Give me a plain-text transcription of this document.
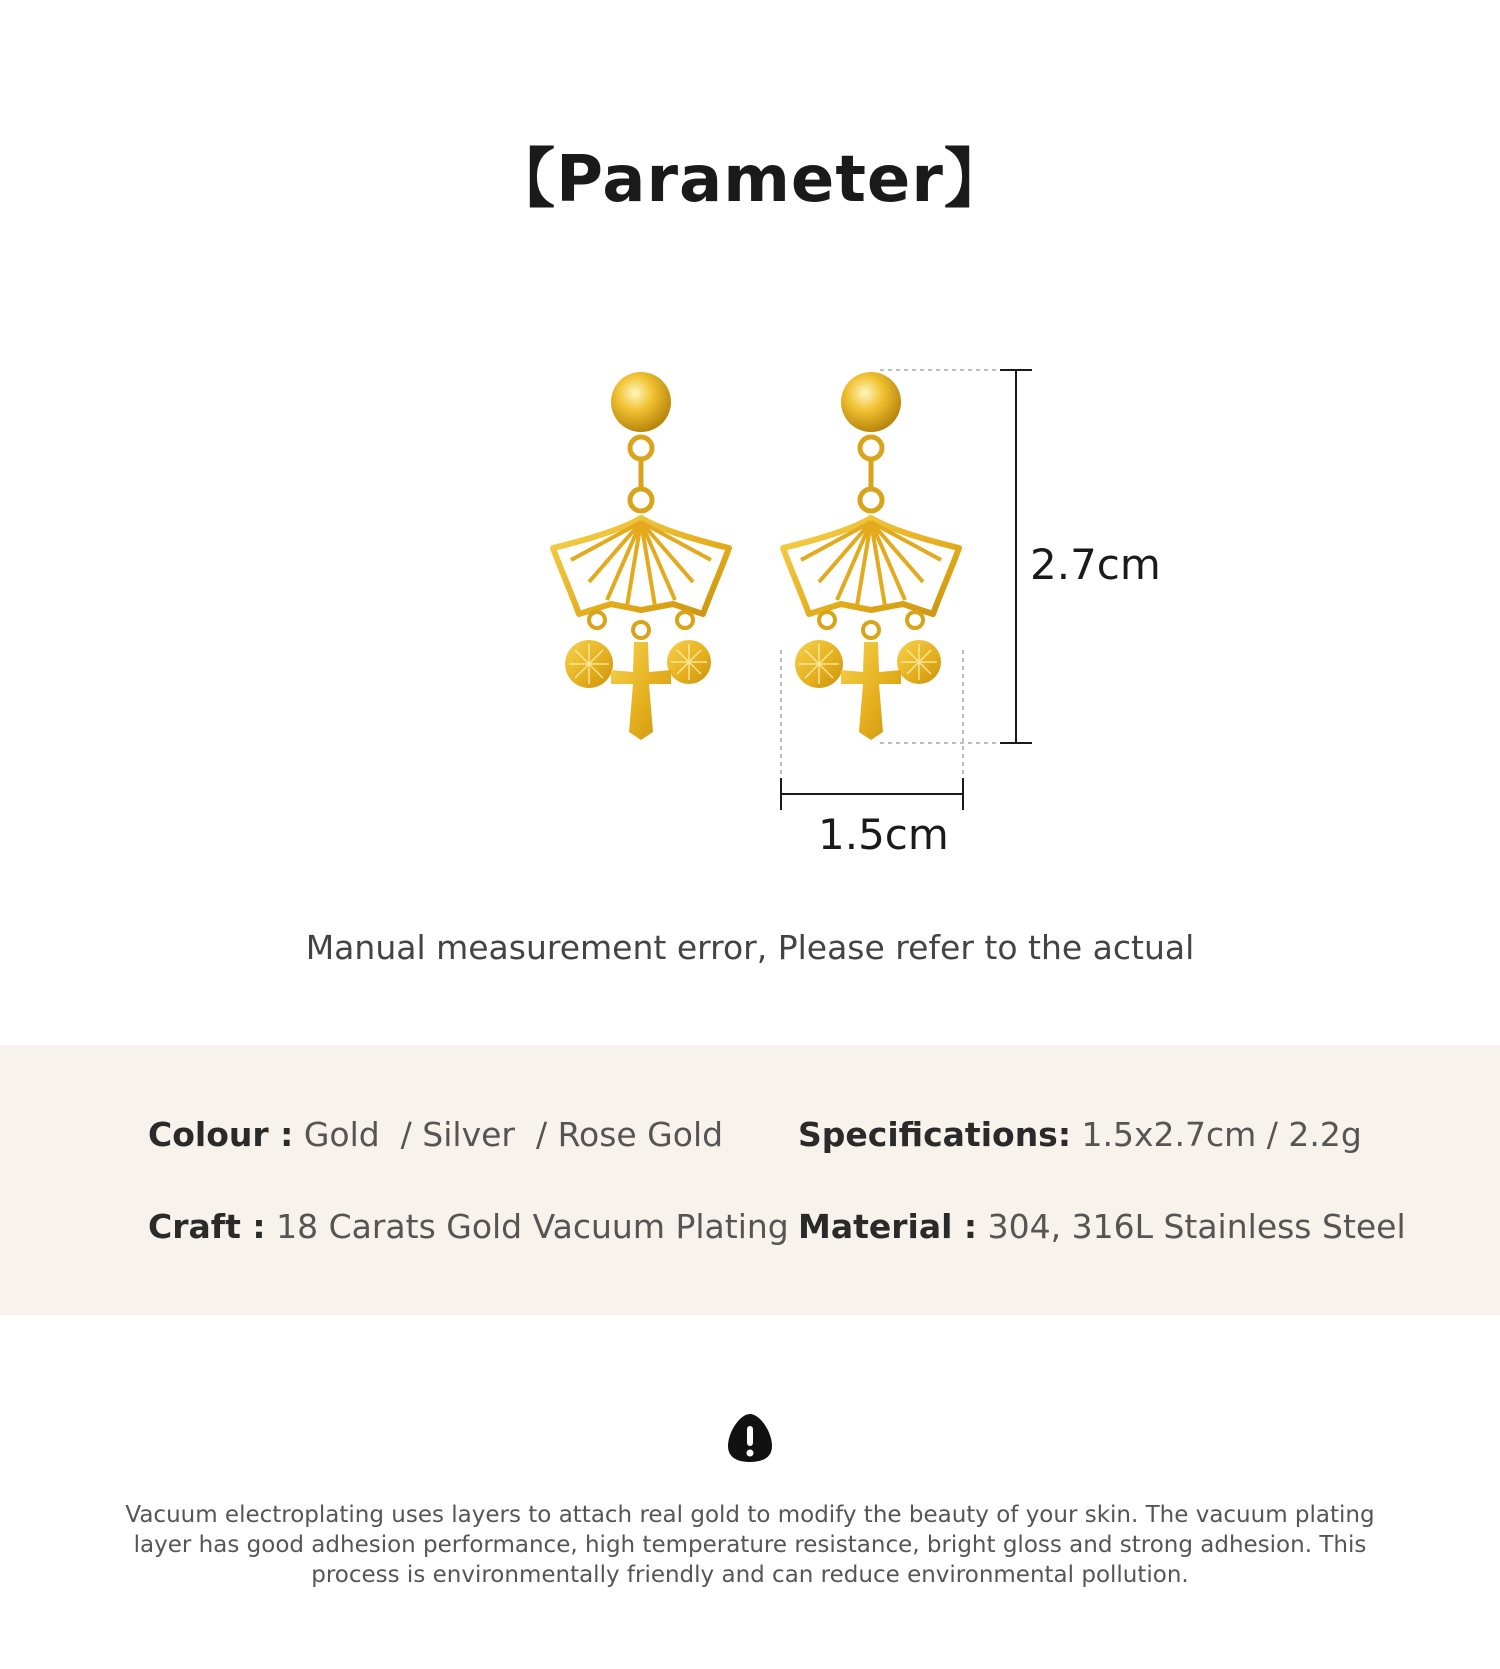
【Parameter】
2.7cm
1.5cm
Manual measurement error, Please refer to the actual
Colour : Gold  / Silver  / Rose Gold Specifications: 1.5x2.7cm / 2.2g
Craft : 18 Carats Gold Vacuum Plating Material : 304, 316L Stainless Steel
Vacuum electroplating uses layers to attach real gold to modify the beauty of your skin. The vacuum plating layer has good adhesion performance, high temperature resistance, bright gloss and strong adhesion. This process is environmentally friendly and can reduce environmental pollution.
